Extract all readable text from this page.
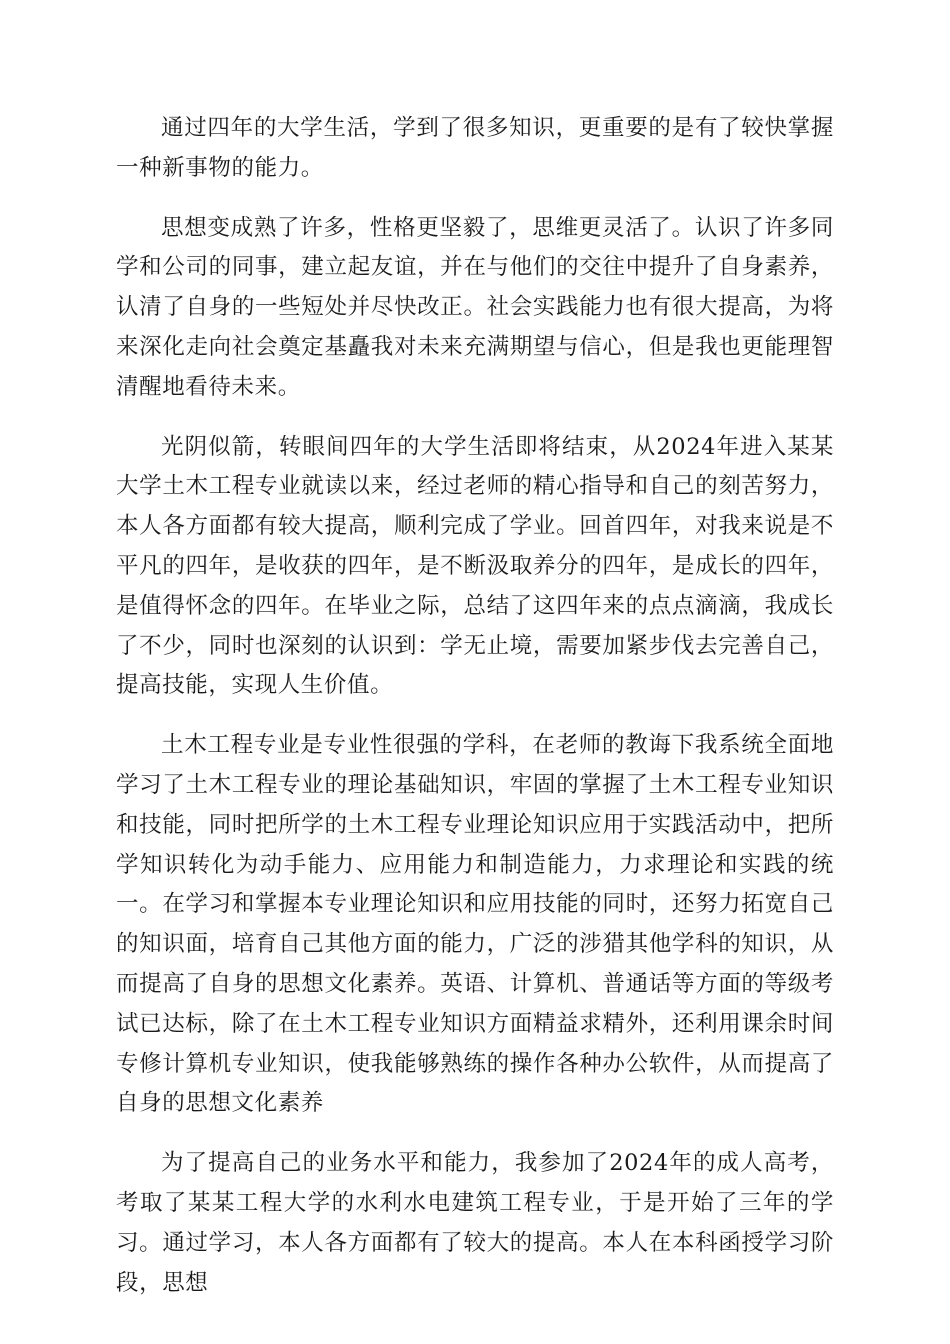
通过四年的大学生活，学到了很多知识，更重要的是有了较快掌握一种新事物的能力。

思想变成熟了许多，性格更坚毅了，思维更灵活了。认识了许多同学和公司的同事，建立起友谊，并在与他们的交往中提升了自身素养，认清了自身的一些短处并尽快改正。社会实践能力也有很大提高，为将来深化走向社会奠定基矗我对未来充满期望与信心，但是我也更能理智清醒地看待未来。

光阴似箭，转眼间四年的大学生活即将结束，从2024年进入某某大学土木工程专业就读以来，经过老师的精心指导和自己的刻苦努力，本人各方面都有较大提高，顺利完成了学业。回首四年，对我来说是不平凡的四年，是收获的四年，是不断汲取养分的四年，是成长的四年，是值得怀念的四年。在毕业之际，总结了这四年来的点点滴滴，我成长了不少，同时也深刻的认识到：学无止境，需要加紧步伐去完善自己，提高技能，实现人生价值。

土木工程专业是专业性很强的学科，在老师的教诲下我系统全面地学习了土木工程专业的理论基础知识，牢固的掌握了土木工程专业知识和技能，同时把所学的土木工程专业理论知识应用于实践活动中，把所学知识转化为动手能力、应用能力和制造能力，力求理论和实践的统一。在学习和掌握本专业理论知识和应用技能的同时，还努力拓宽自己的知识面，培育自己其他方面的能力，广泛的涉猎其他学科的知识，从而提高了自身的思想文化素养。英语、计算机、普通话等方面的等级考试已达标，除了在土木工程专业知识方面精益求精外，还利用课余时间专修计算机专业知识，使我能够熟练的操作各种办公软件，从而提高了自身的思想文化素养

为了提高自己的业务水平和能力，我参加了2024年的成人高考，考取了某某工程大学的水利水电建筑工程专业，于是开始了三年的学习。通过学习，本人各方面都有了较大的提高。本人在本科函授学习阶段，思想
